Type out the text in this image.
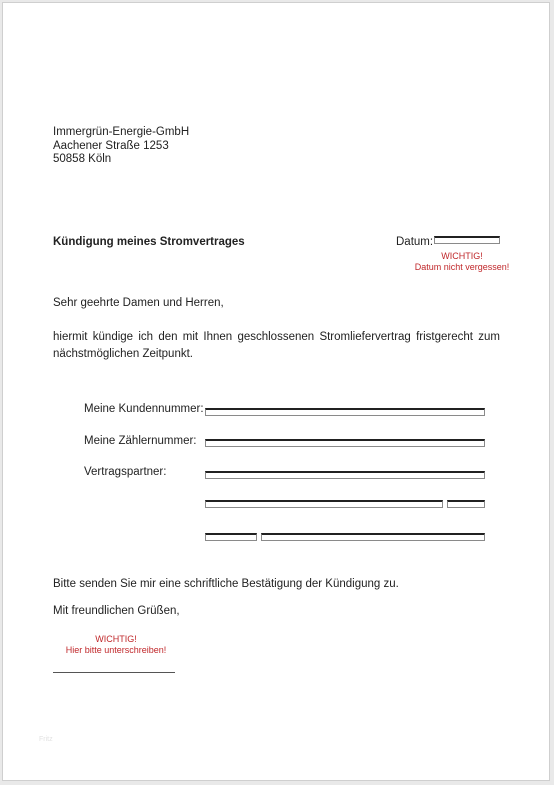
Immergrün-Energie-GmbH
Aachener Straße 1253
50858 Köln
Kündigung meines Stromvertrages	Datum:
WICHTIG!
Datum nicht vergessen!
Sehr geehrte Damen und Herren,
hiermit kündige ich den mit Ihnen geschlossenen Stromliefervertrag fristgerecht zum
nächstmöglichen Zeitpunkt.
Meine Kundennummer:
Meine Zählernummer:
Vertragspartner:
Bitte senden Sie mir eine schriftliche Bestätigung der Kündigung zu.
Mit freundlichen Grüßen,
WICHTIG!
Hier bitte unterschreiben!
Fritz
